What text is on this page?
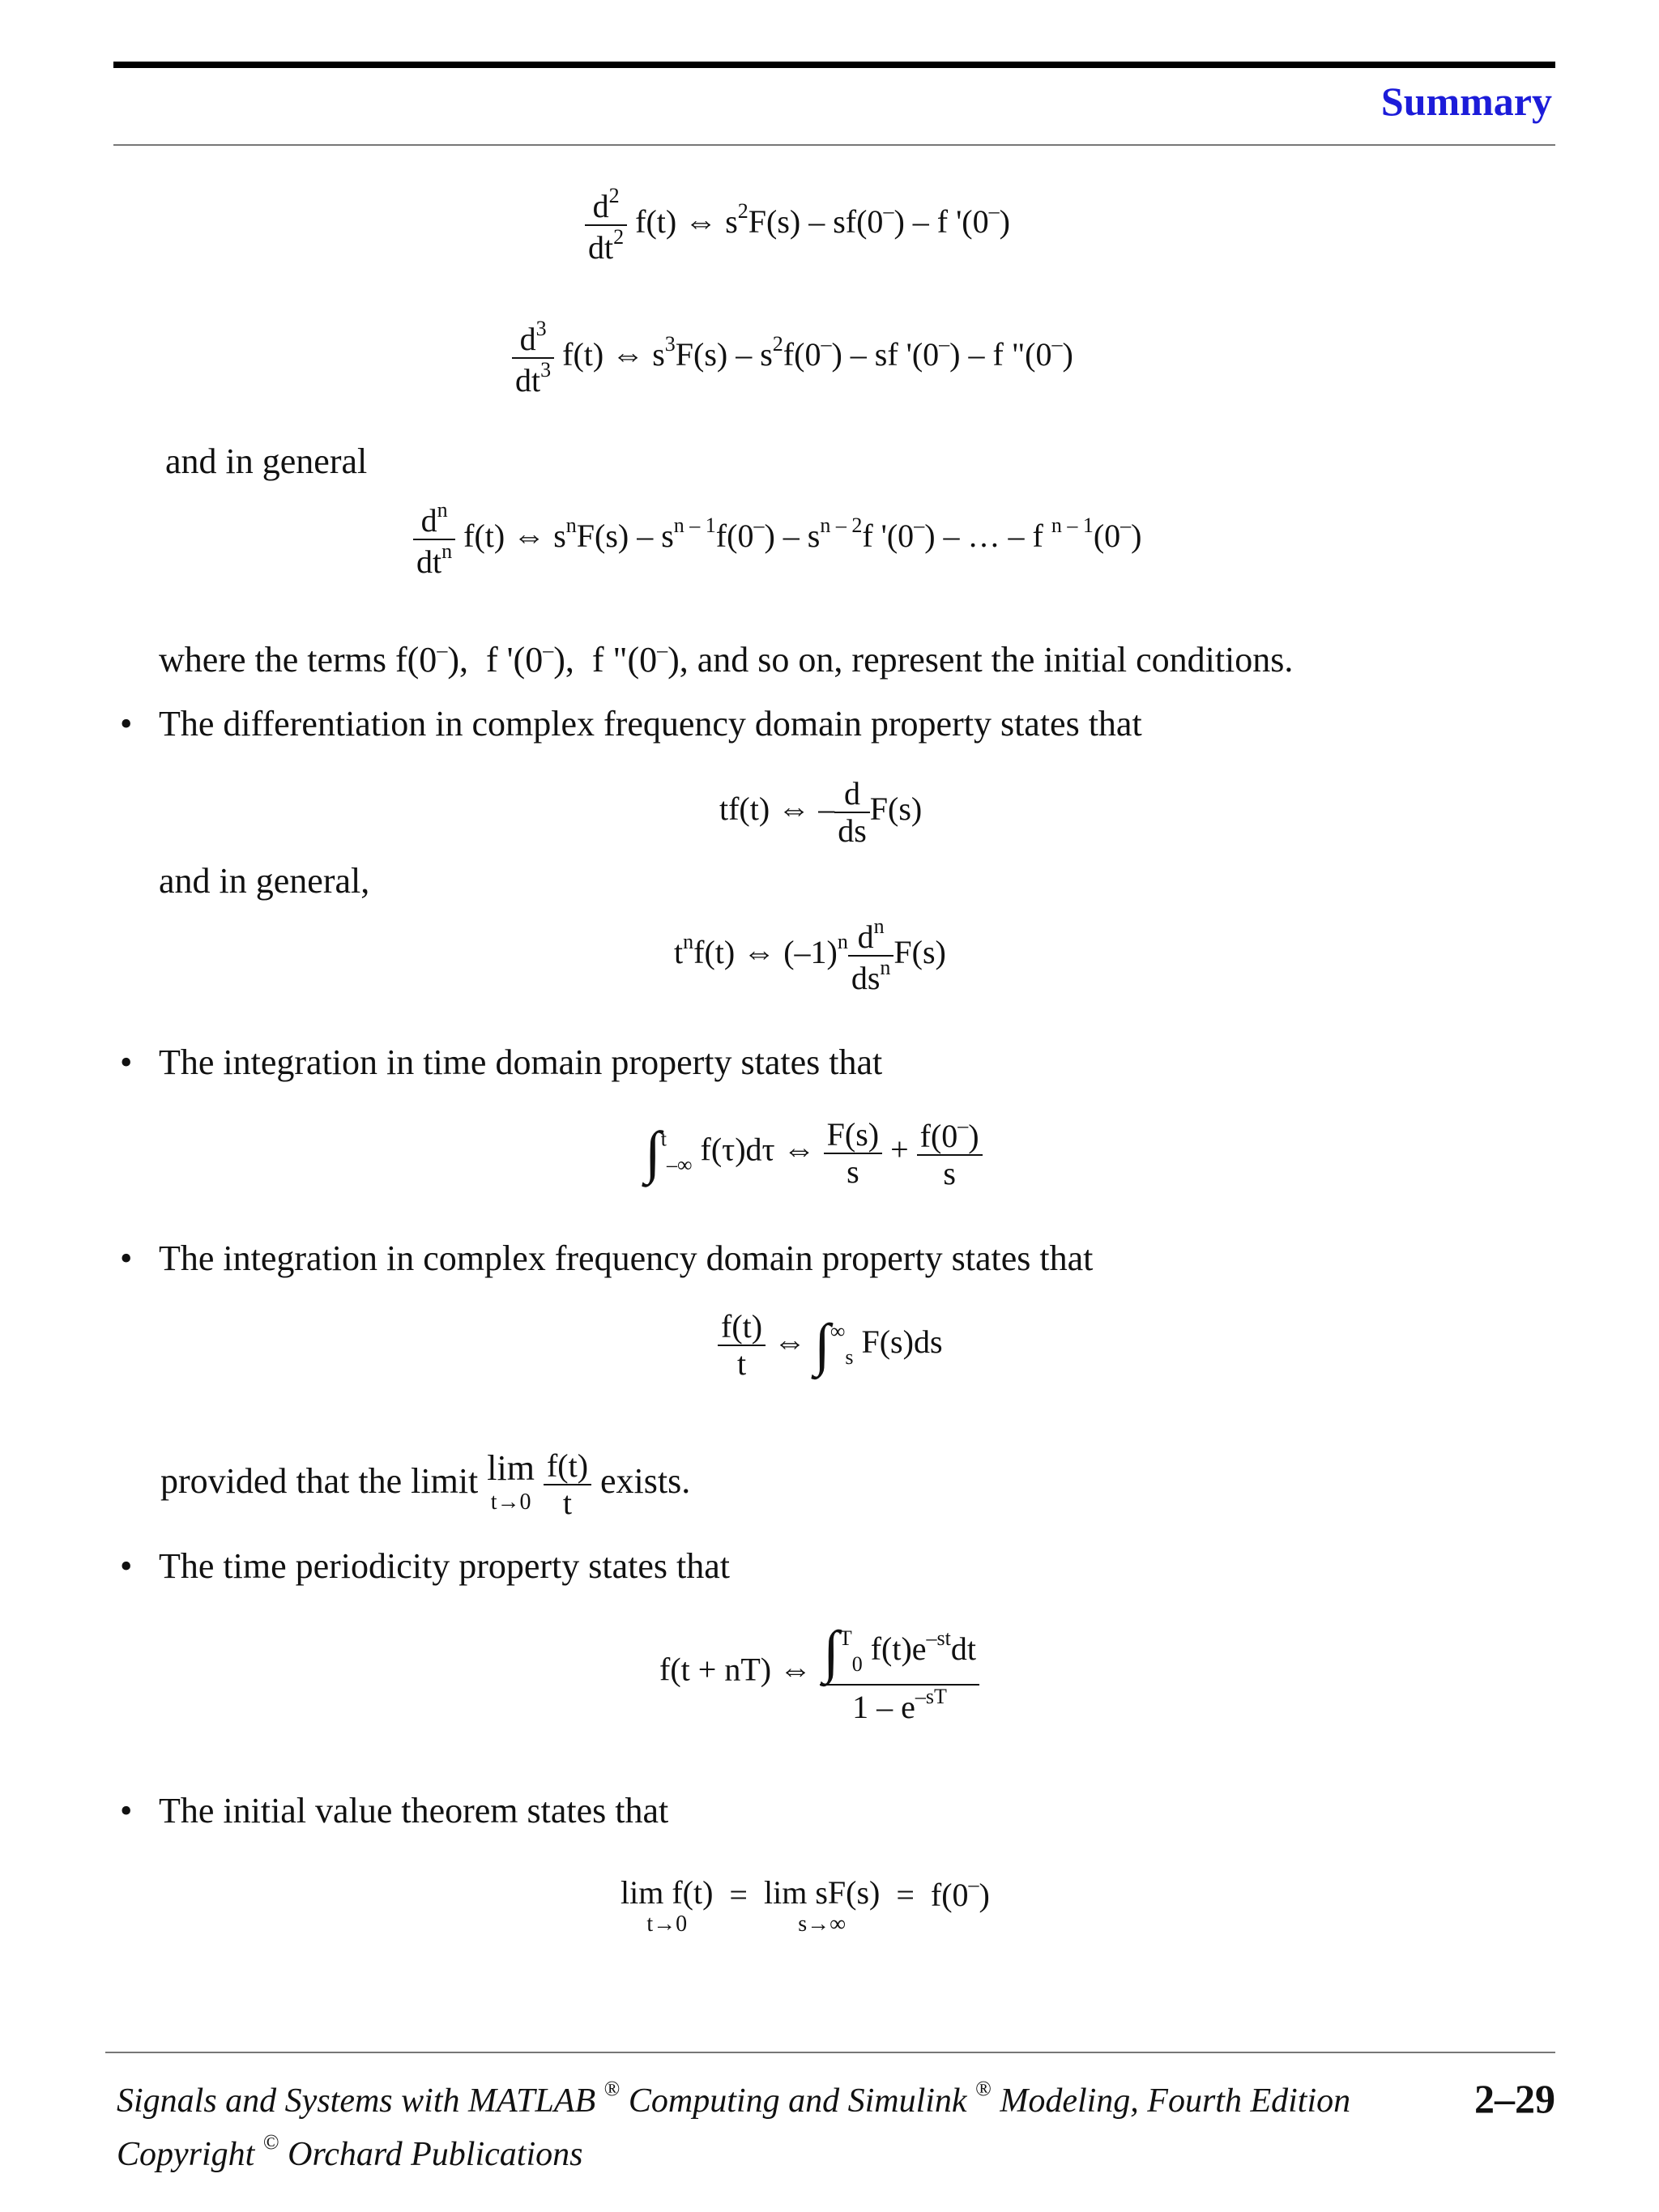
Summary
$\frac{d^2}{dt^2} f(t)$ ⇔ $s^2F(s) - sf(0^-)$ – f '(0–)
$\frac{d^3}{dt^3} f(t)$ ⇔ $s^3F(s) - s^2f(0^-)$ – sf '(0–) – f "(0–)
and in general
$\frac{d^n}{dt^n} f(t)$ ⇔ $s^nF(s) - s^{n - 1}f(0^-) - s^{n - 2}f$ '(0–) – … – f $^{n - 1}$(0–)
where the terms f(0–),  f '(0–),  f "(0–), and so on, represent the initial conditions.
• The differentiation in complex frequency domain property states that
tf(t) ⇔ – $\frac{d}{ds} F(s)$
and in general,
$t^nf(t)$ ⇔ $(-1)^n \frac{d^n}{ds^n} F(s)$
• The integration in time domain property states that
∫$^t_{-\infty}$ f(τ)dτ ⇔ $\frac{F(s)}{s} + \frac{f(0^-)}{s}$
• The integration in complex frequency domain property states that
$\frac{f(t)}{t}$ ⇔ $\int^\infty_s$ F(s)ds
provided that the limit lim
t→0
$\frac{f(t)}{t}$ exists.
• The time periodicity property states that
f(t + nT) ⇔ $\frac{\int^T_0 f(t)e^{-st}dt}{1 - e^{-sT}}$
• The initial value theorem states that
lim f(t)
t→0
=  lim sF(s)
s→∞
=  f(0–)
Signals and Systems with MATLAB ® Computing and Simulink ® Modeling, Fourth Edition	2–29
Copyright © Orchard Publications
